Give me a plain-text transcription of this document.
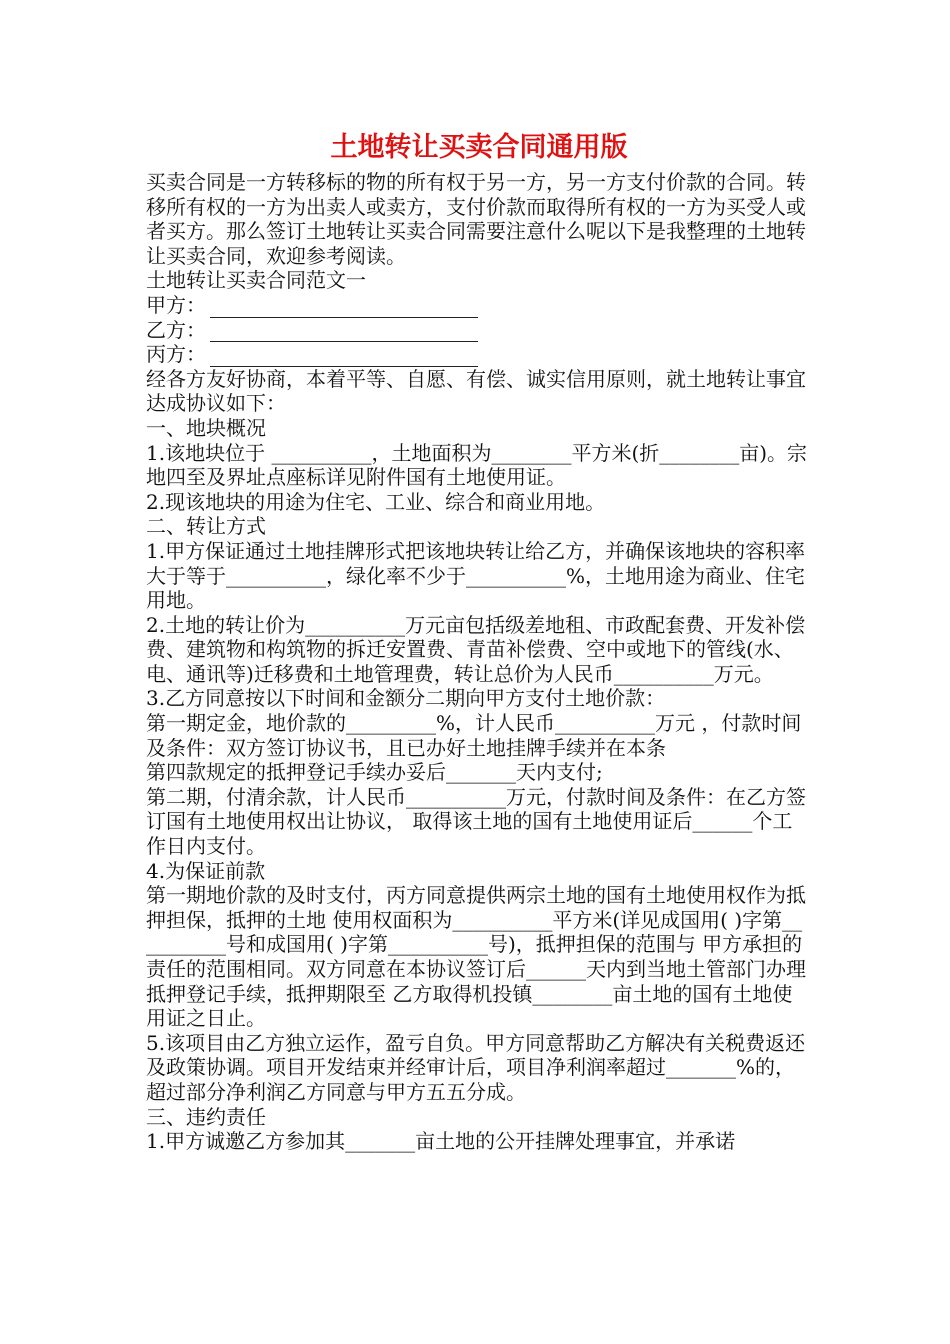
土地转让买卖合同通用版

买卖合同是一方转移标的物的所有权于另一方，另一方支付价款的合同。转移所有权的一方为出卖人或卖方，支付价款而取得所有权的一方为买受人或者买方。那么签订土地转让买卖合同需要注意什么呢以下是我整理的土地转让买卖合同，欢迎参考阅读。

土地转让买卖合同范文一

甲方：

乙方：

丙方：

经各方友好协商，本着平等、自愿、有偿、诚实信用原则，就土地转让事宜达成协议如下：

一、地块概况

1.该地块位于 __________，土地面积为________平方米(折________亩)。宗地四至及界址点座标详见附件国有土地使用证。

2.现该地块的用途为住宅、工业、综合和商业用地。

二、转让方式

1.甲方保证通过土地挂牌形式把该地块转让给乙方，并确保该地块的容积率大于等于__________，绿化率不少于__________%，土地用途为商业、住宅用地。

2.土地的转让价为__________万元亩包括级差地租、市政配套费、开发补偿费、建筑物和构筑物的拆迁安置费、青苗补偿费、空中或地下的管线(水、电、通讯等)迁移费和土地管理费，转让总价为人民币__________万元。

3.乙方同意按以下时间和金额分二期向甲方支付土地价款：

第一期定金，地价款的_________%，计人民币__________万元 ，付款时间及条件：双方签订协议书，且已办好土地挂牌手续并在本条

第四款规定的抵押登记手续办妥后_______天内支付;

第二期，付清余款，计人民币__________万元，付款时间及条件：在乙方签订国有土地使用权出让协议， 取得该土地的国有土地使用证后______个工作日内支付。

4.为保证前款

第一期地价款的及时支付，丙方同意提供两宗土地的国有土地使用权作为抵押担保，抵押的土地 使用权面积为__________平方米(详见成国用( )字第__________号和成国用( )字第__________号)，抵押担保的范围与 甲方承担的责任的范围相同。双方同意在本协议签订后______天内到当地土管部门办理抵押登记手续，抵押期限至 乙方取得机投镇________亩土地的国有土地使用证之日止。

5.该项目由乙方独立运作，盈亏自负。甲方同意帮助乙方解决有关税费返还及政策协调。项目开发结束并经审计后，项目净利润率超过_______%的，超过部分净利润乙方同意与甲方五五分成。

三、违约责任

1.甲方诚邀乙方参加其_______亩土地的公开挂牌处理事宜，并承诺
